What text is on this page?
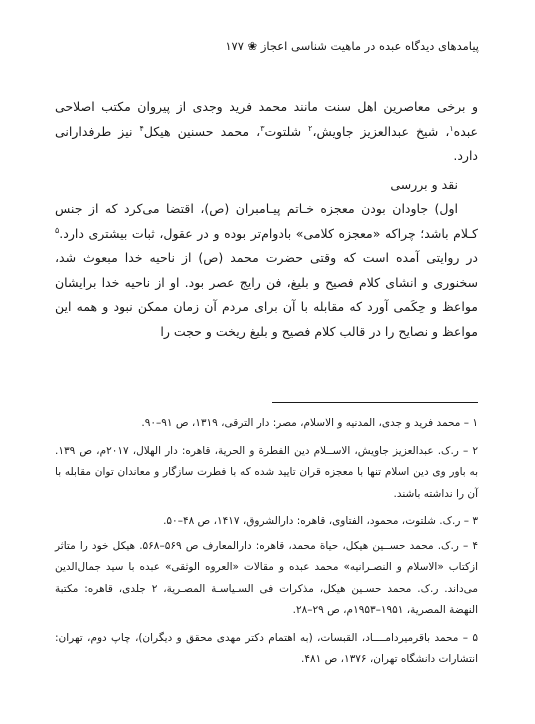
پیامدهای دیدگاه عبده در ماهیت شناسی اعجاز ❀ ۱۷۷

و برخی معاصرین اهل سنت مانند محمد فرید وجدی از پیروان مکتب اصلاحی عبده$^۱$، شیخ عبدالعزیز جاویش،$^۲$ شلتوت$^۳$، محمد حسنین هیکل$^۴$ نیز طرفدارانی دارد.

نقد و بررسی

اول) جاودان بودن معجزه خـاتم پیـامبران (ص)، اقتضا می‌کرد که از جنس کـلام باشد؛ چراکه «معجزه کلامی» بادوام‌تر بوده و در عقول، ثبات بیشتری دارد.$^۵$ در روایتی آمده است که وقتی حضرت محمد (ص) از ناحیه خدا مبعوث شد، سخنوری و انشای کلام فصیح و بلیغ، فن رایج عصر بود. او از ناحیه خدا برایشان مواعظ و حِکَمی آورد که مقابله با آن برای مردم آن زمان ممکن نبود و همه این مواعظ و نصایح را در قالب کلام فصیح و بلیغ ریخت و حجت را

۱ – محمد فرید و جدی، المدنیه و الاسلام، مصر: دار الترقی، ۱۳۱۹، ص ۹۱–۹۰.

۲ – ر.ک. عبدالعزیز جاویش، الاســلام دین الفطرة و الحریة، قاهره: دار الهلال، ۲۰۱۷م، ص ۱۳۹. به باور وی دین اسلام تنها با معجزه قران تایید شده که با فطرت سازگار و معاندان توان مقابله با آن را نداشته باشند.

۳ – ر.ک. شلتوت، محمود، الفتاوی، قاهره: دارالشروق، ۱۴۱۷، ص ۴۸–۵۰.

۴ – ر.ک. محمد حســین هیکل، حیاة محمد، قاهره: دارالمعارف ص ۵۶۹–۵۶۸. هیکل خود را متاثر ازکتاب «الاسلام و النصـرانیه» محمد عبده و مقالات «العروه الوثقی» عبده با سید جمال‌الدین می‌داند. ر.ک. محمد حسـین هیکل، مذکرات فی السـیاسـة المصـریة، ۲ جلدی، قاهره: مکتبة النهضة المصریة، ۱۹۵۱–۱۹۵۳م، ص ۲۹–۲۸.

۵ – محمد باقرمیردامــــاد، القبسات، (به اهتمام دکتر مهدی محقق و دیگران)، چاپ دوم، تهران: انتشارات دانشگاه تهران، ۱۳۷۶، ص ۴۸۱.
